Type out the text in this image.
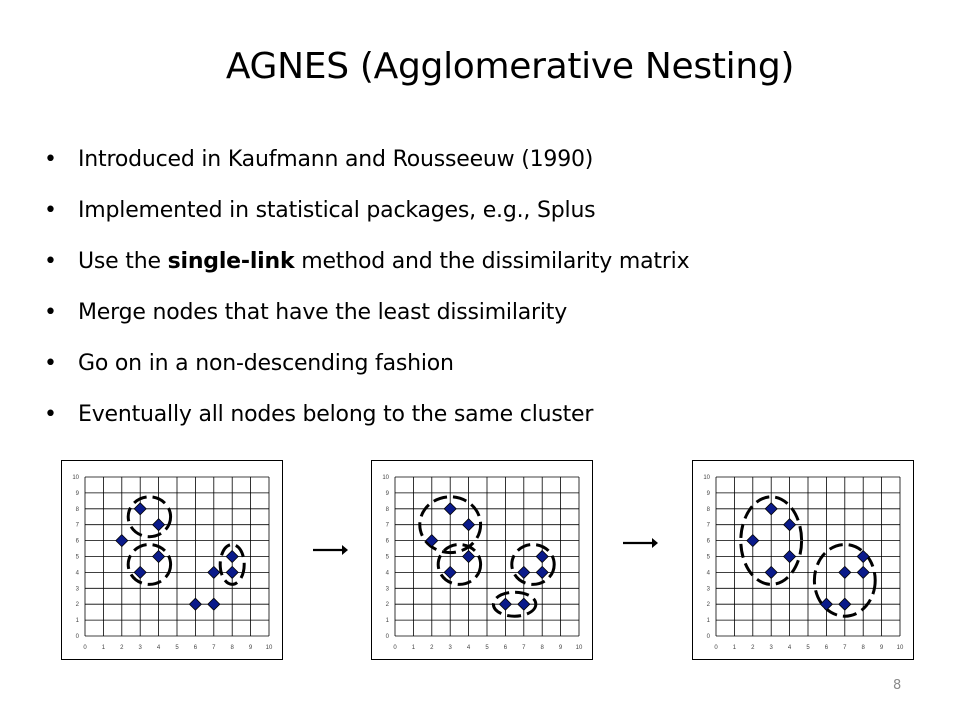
AGNES (Agglomerative Nesting)
• Introduced in Kaufmann and Rousseeuw (1990)
• Implemented in statistical packages, e.g., Splus
• Use the single-link method and the dissimilarity matrix
• Merge nodes that have the least dissimilarity
• Go on in a non-descending fashion
• Eventually all nodes belong to the same cluster
0	1	2	3	4	5	6	7	8	9 10
0
1
2
3
4
5
6
7
8
9
10
0	1	2	3	4	5	6	7	8	9 10
0
1
2
3
4
5
6
7
8
9
10
0	1	2	3	4	5	6	7	8	9 10
0
1
2
3
4
5
6
7
8
9
10
8
